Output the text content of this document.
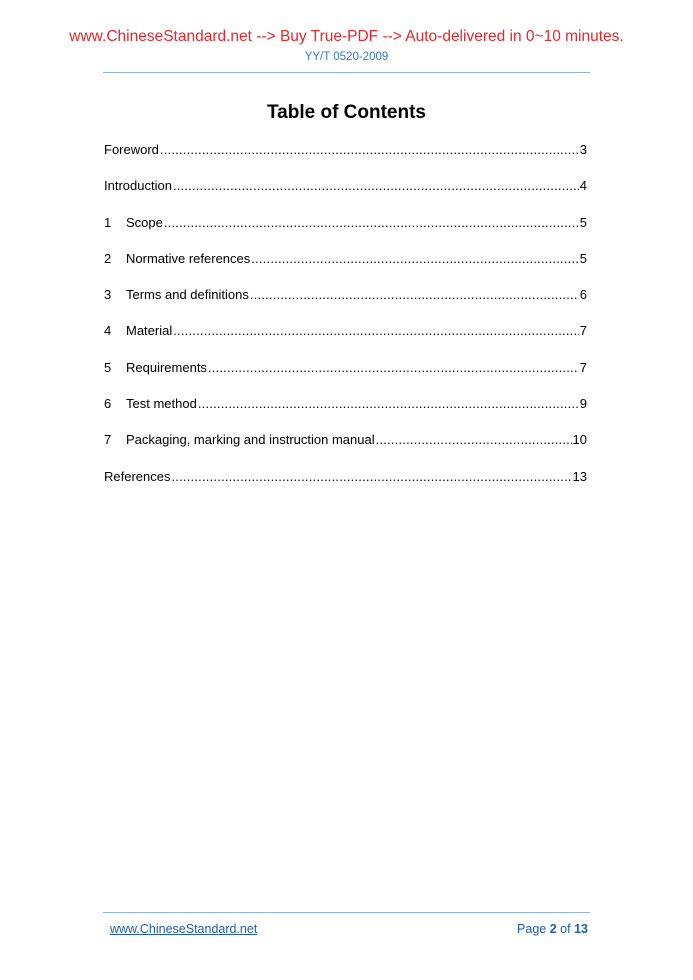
www.ChineseStandard.net --> Buy True-PDF --> Auto-delivered in 0~10 minutes.
YY/T 0520-2009
Table of Contents
Foreword .....	3
Introduction .....	4
1	Scope .....	5
2	Normative references .....	5
3	Terms and definitions .....	6
4	Material .....	7
5	Requirements .....	7
6	Test method .....	9
7	Packaging, marking and instruction manual .....	10
References .....	13
www.ChineseStandard.net	Page 2 of 13
